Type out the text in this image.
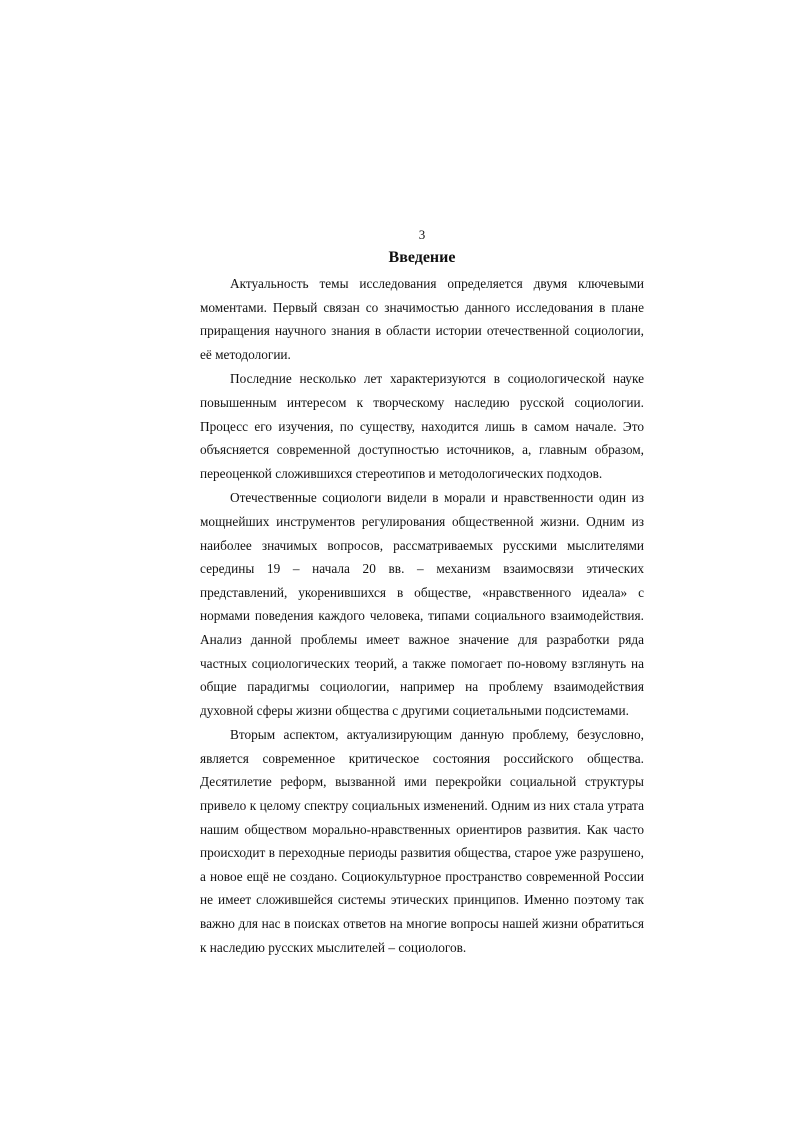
3
Введение

Актуальность темы исследования определяется двумя ключевыми моментами. Первый связан со значимостью данного исследования в плане приращения научного знания в области истории отечественной социологии, её методологии.

Последние несколько лет характеризуются в социологической науке повышенным интересом к творческому наследию русской социологии. Процесс его изучения, по существу, находится лишь в самом начале. Это объясняется современной доступностью источников, а, главным образом, переоценкой сложившихся стереотипов и методологических подходов.

Отечественные социологи видели в морали и нравственности один из мощнейших инструментов регулирования общественной жизни. Одним из наиболее значимых вопросов, рассматриваемых русскими мыслителями середины 19 – начала 20 вв. – механизм взаимосвязи этических представлений, укоренившихся в обществе, «нравственного идеала» с нормами поведения каждого человека, типами социального взаимодействия. Анализ данной проблемы имеет важное значение для разработки ряда частных социологических теорий, а также помогает по-новому взглянуть на общие парадигмы социологии, например на проблему взаимодействия духовной сферы жизни общества с другими социетальными подсистемами.

Вторым аспектом, актуализирующим данную проблему, безусловно, является современное критическое состояния российского общества. Десятилетие реформ, вызванной ими перекройки социальной структуры привело к целому спектру социальных изменений. Одним из них стала утрата нашим обществом морально-нравственных ориентиров развития. Как часто происходит в переходные периоды развития общества, старое уже разрушено, а новое ещё не создано. Социокультурное пространство современной России не имеет сложившейся системы этических принципов. Именно поэтому так важно для нас в поисках ответов на многие вопросы нашей жизни обратиться к наследию русских мыслителей – социологов.
